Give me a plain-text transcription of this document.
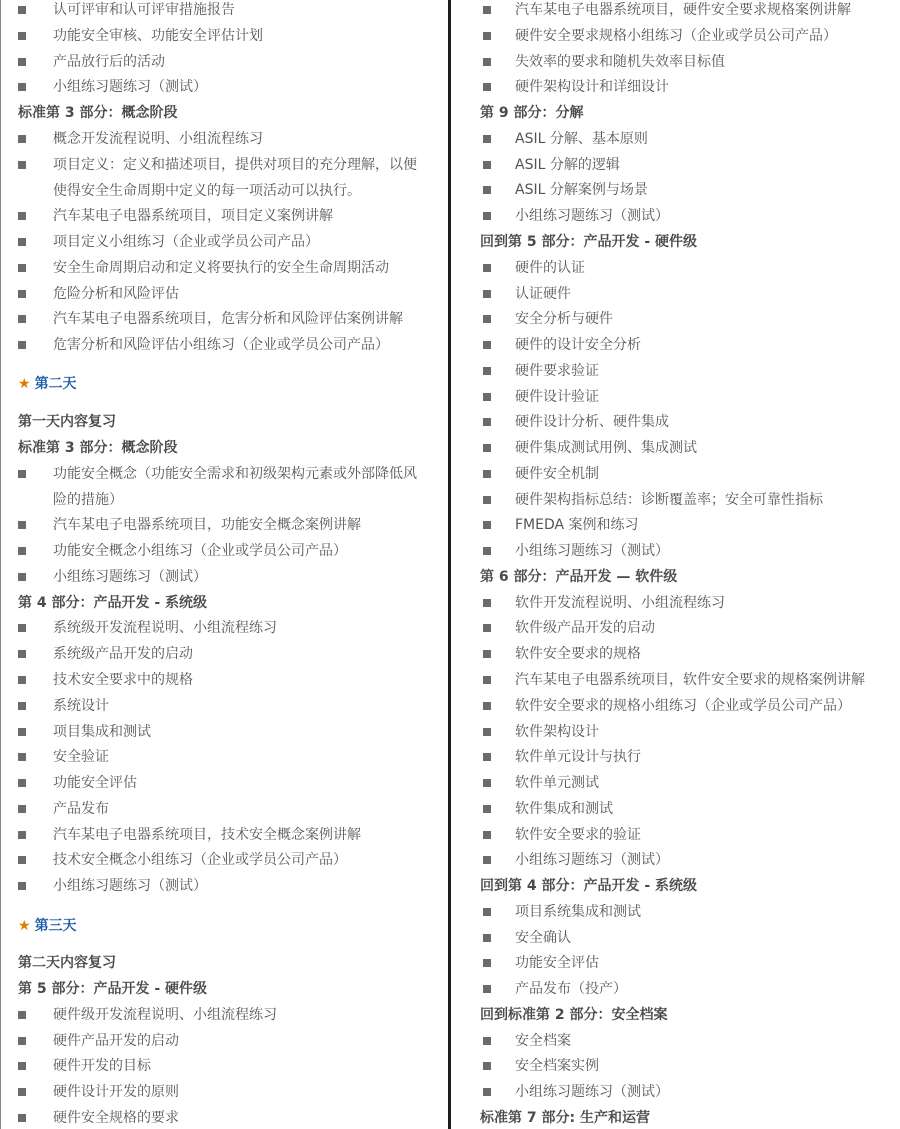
认可评审和认可评审措施报告
功能安全审核、功能安全评估计划
产品放行后的活动
小组练习题练习（测试）
标准第 3 部分：概念阶段
概念开发流程说明、小组流程练习
项目定义：定义和描述项目，提供对项目的充分理解，以便使得安全生命周期中定义的每一项活动可以执行。
汽车某电子电器系统项目，项目定义案例讲解
项目定义小组练习（企业或学员公司产品）
安全生命周期启动和定义将要执行的安全生命周期活动
危险分析和风险评估
汽车某电子电器系统项目，危害分析和风险评估案例讲解
危害分析和风险评估小组练习（企业或学员公司产品）
★ 第二天
第一天内容复习
标准第 3 部分：概念阶段
功能安全概念（功能安全需求和初级架构元素或外部降低风险的措施）
汽车某电子电器系统项目，功能安全概念案例讲解
功能安全概念小组练习（企业或学员公司产品）
小组练习题练习（测试）
第 4 部分：产品开发 - 系统级
系统级开发流程说明、小组流程练习
系统级产品开发的启动
技术安全要求中的规格
系统设计
项目集成和测试
安全验证
功能安全评估
产品发布
汽车某电子电器系统项目，技术安全概念案例讲解
技术安全概念小组练习（企业或学员公司产品）
小组练习题练习（测试）
★ 第三天
第二天内容复习
第 5 部分：产品开发 - 硬件级
硬件级开发流程说明、小组流程练习
硬件产品开发的启动
硬件开发的目标
硬件设计开发的原则
硬件安全规格的要求
汽车某电子电器系统项目，硬件安全要求规格案例讲解
硬件安全要求规格小组练习（企业或学员公司产品）
失效率的要求和随机失效率目标值
硬件架构设计和详细设计
第 9 部分：分解
ASIL 分解、基本原则
ASIL 分解的逻辑
ASIL 分解案例与场景
小组练习题练习（测试）
回到第 5 部分：产品开发 - 硬件级
硬件的认证
认证硬件
安全分析与硬件
硬件的设计安全分析
硬件要求验证
硬件设计验证
硬件设计分析、硬件集成
硬件集成测试用例、集成测试
硬件安全机制
硬件架构指标总结：诊断覆盖率；安全可靠性指标
FMEDA 案例和练习
小组练习题练习（测试）
第 6 部分：产品开发 — 软件级
软件开发流程说明、小组流程练习
软件级产品开发的启动
软件安全要求的规格
汽车某电子电器系统项目，软件安全要求的规格案例讲解
软件安全要求的规格小组练习（企业或学员公司产品）
软件架构设计
软件单元设计与执行
软件单元测试
软件集成和测试
软件安全要求的验证
小组练习题练习（测试）
回到第 4 部分：产品开发 - 系统级
项目系统集成和测试
安全确认
功能安全评估
产品发布（投产）
回到标准第 2 部分：安全档案
安全档案
安全档案实例
小组练习题练习（测试）
标准第 7 部分: 生产和运营
